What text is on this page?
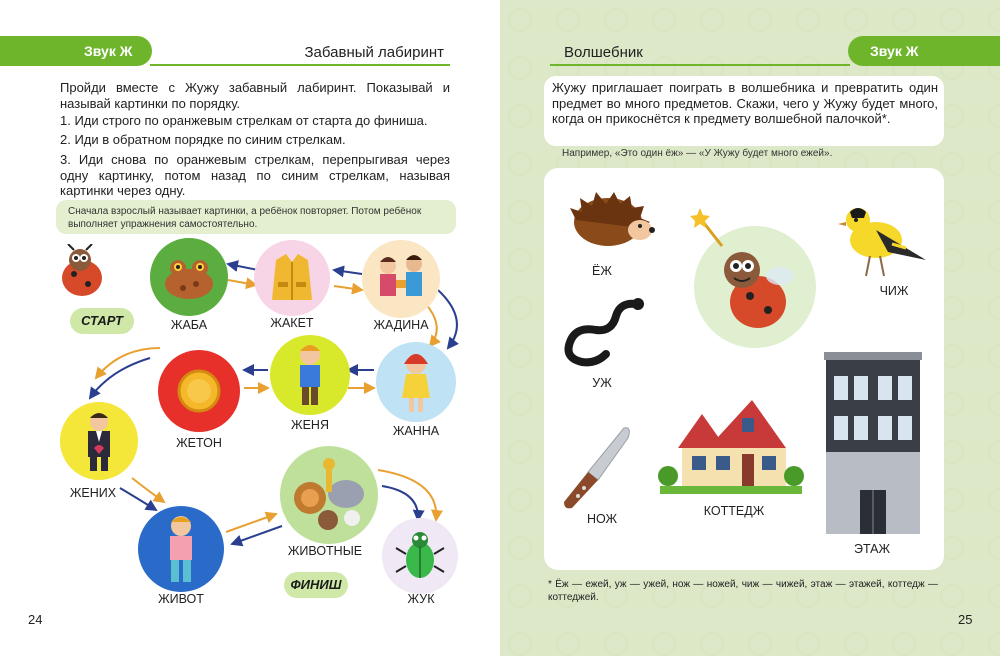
Звук Ж	Забавный лабиринт
Пройди вместе с Жужу забавный лабиринт. Показывай и называй картинки по порядку.
1. Иди строго по оранжевым стрелкам от старта до финиша.
2. Иди в обратном порядке по синим стрелкам.
3. Иди снова по оранжевым стрелкам, перепрыгивая через одну картинку, потом назад по синим стрелкам, называя картинки через одну.
Сначала взрослый называет картинки, а ребёнок повторяет. Потом ребёнок выполняет упражнения самостоятельно.
СТАРТ	ЖАБА	ЖАКЕТ	ЖАДИНА
ЖЕТОН
ЖЕНЯ	ЖАННА
ЖЕНИХ
ЖИВОТНЫЕ
ЖИВОТ	ЖУК
ФИНИШ
24
Звук Ж
Волшебник
Жужу приглашает поиграть в волшебника и превратить один предмет во много предметов. Скажи, чего у Жужу будет много, когда он прикоснётся к предмету волшебной палочкой*.
Например, «Это один ёж» — «У Жужу будет много ежей».
ЁЖ
УЖ
НОЖ
КОТТЕДЖ
ЧИЖ
ЭТАЖ
* Ёж — ежей, уж — ужей, нож — ножей, чиж — чижей, этаж — этажей, коттедж — коттеджей.
25
